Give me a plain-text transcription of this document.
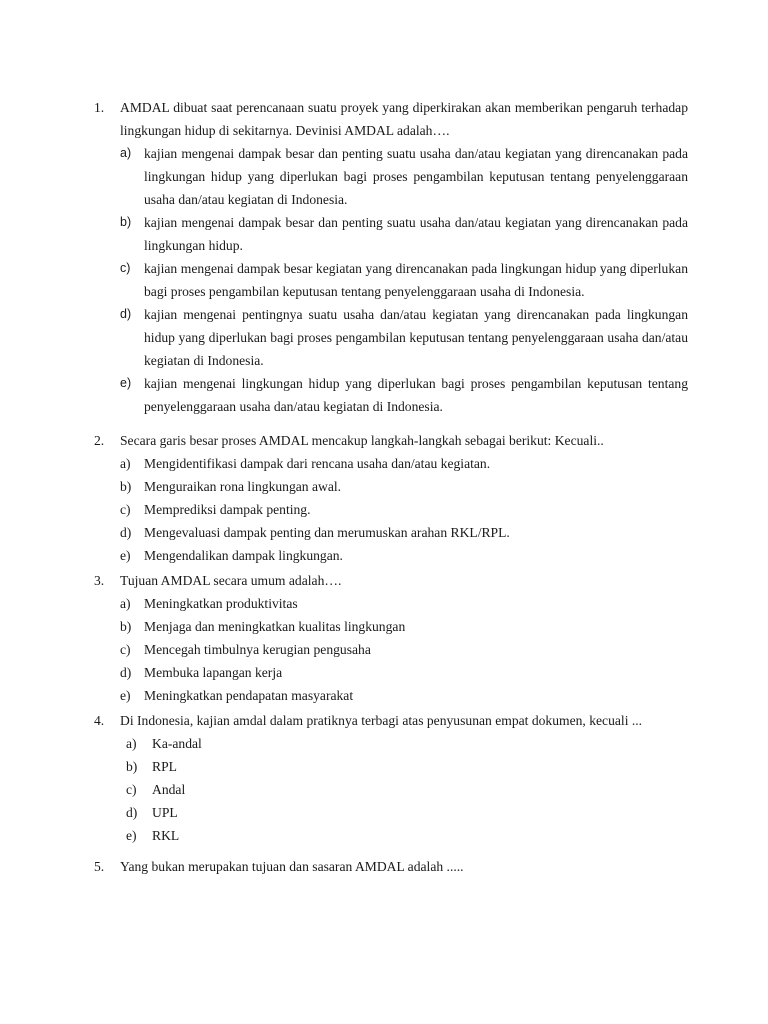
1. AMDAL dibuat saat perencanaan suatu proyek yang diperkirakan akan memberikan pengaruh terhadap lingkungan hidup di sekitarnya. Devinisi AMDAL adalah….
a) kajian mengenai dampak besar dan penting suatu usaha dan/atau kegiatan yang direncanakan pada lingkungan hidup yang diperlukan bagi proses pengambilan keputusan tentang penyelenggaraan usaha dan/atau kegiatan di Indonesia.
b) kajian mengenai dampak besar dan penting suatu usaha dan/atau kegiatan yang direncanakan pada lingkungan hidup.
c) kajian mengenai dampak besar kegiatan yang direncanakan pada lingkungan hidup yang diperlukan bagi proses pengambilan keputusan tentang penyelenggaraan usaha di Indonesia.
d) kajian mengenai pentingnya suatu usaha dan/atau kegiatan yang direncanakan pada lingkungan hidup yang diperlukan bagi proses pengambilan keputusan tentang penyelenggaraan usaha dan/atau kegiatan di Indonesia.
e) kajian mengenai lingkungan hidup yang diperlukan bagi proses pengambilan keputusan tentang penyelenggaraan usaha dan/atau kegiatan di Indonesia.
2. Secara garis besar proses AMDAL mencakup langkah-langkah sebagai berikut: Kecuali..
a) Mengidentifikasi dampak dari rencana usaha dan/atau kegiatan.
b) Menguraikan rona lingkungan awal.
c) Memprediksi dampak penting.
d) Mengevaluasi dampak penting dan merumuskan arahan RKL/RPL.
e) Mengendalikan dampak lingkungan.
3. Tujuan AMDAL secara umum adalah….
a) Meningkatkan produktivitas
b) Menjaga dan meningkatkan kualitas lingkungan
c) Mencegah timbulnya kerugian pengusaha
d) Membuka lapangan kerja
e) Meningkatkan pendapatan masyarakat
4. Di Indonesia, kajian amdal dalam pratiknya terbagi atas penyusunan empat dokumen, kecuali ...
a) Ka-andal
b) RPL
c) Andal
d) UPL
e) RKL
5. Yang bukan merupakan tujuan dan sasaran AMDAL adalah .....
